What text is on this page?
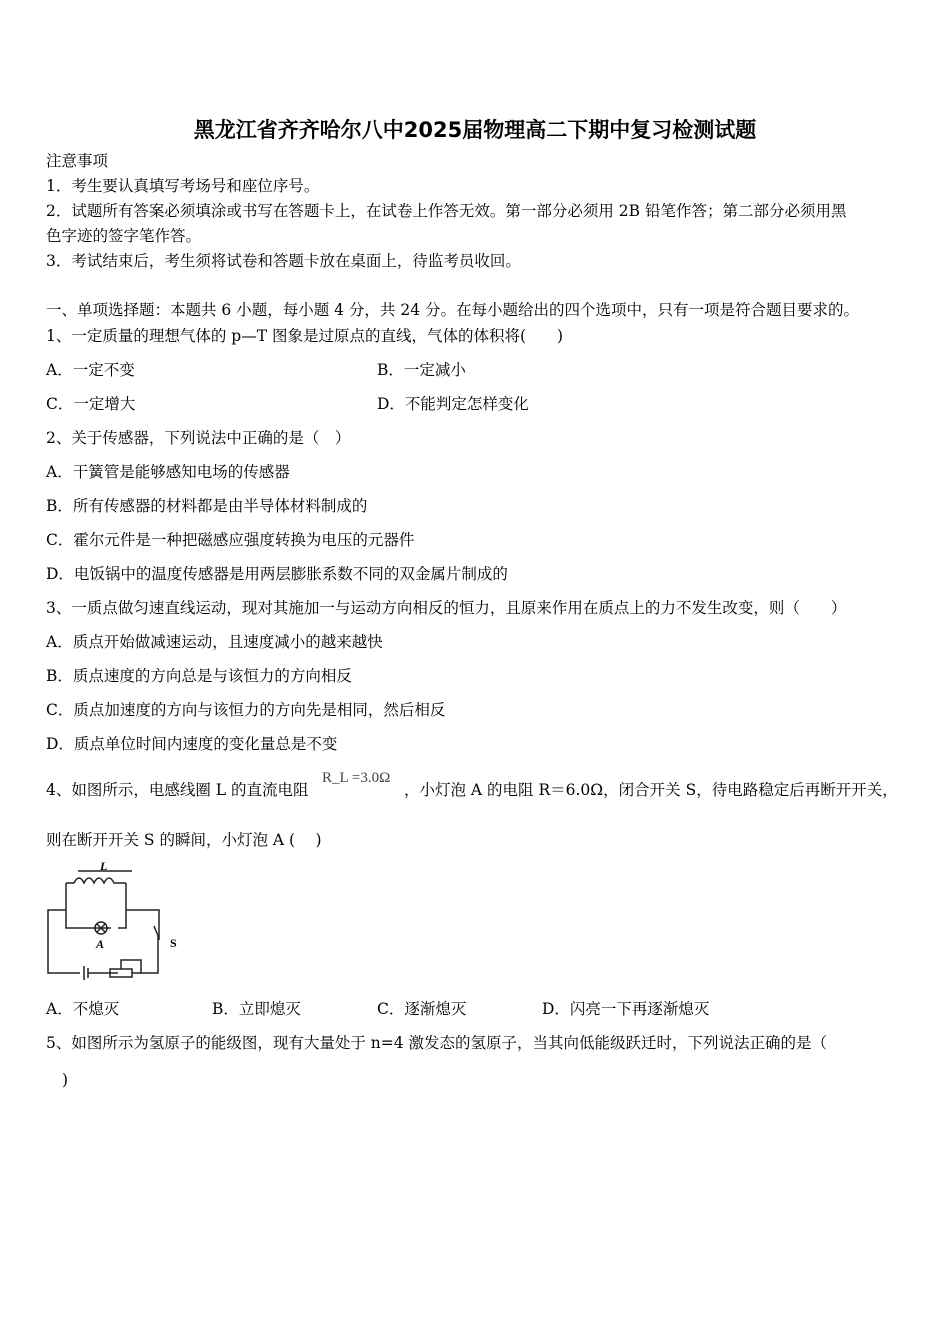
黑龙江省齐齐哈尔八中2025届物理高二下期中复习检测试题
注意事项
1．考生要认真填写考场号和座位序号。
2．试题所有答案必须填涂或书写在答题卡上，在试卷上作答无效。第一部分必须用 2B 铅笔作答；第二部分必须用黑
色字迹的签字笔作答。
3．考试结束后，考生须将试卷和答题卡放在桌面上，待监考员收回。
一、单项选择题：本题共 6 小题，每小题 4 分，共 24 分。在每小题给出的四个选项中，只有一项是符合题目要求的。
1、一定质量的理想气体的 p—T 图象是过原点的直线，气体的体积将(　　)
A．一定不变	B．一定减小
C．一定增大	D．不能判定怎样变化
2、关于传感器，下列说法中正确的是（　）
A．干簧管是能够感知电场的传感器
B．所有传感器的材料都是由半导体材料制成的
C．霍尔元件是一种把磁感应强度转换为电压的元器件
D．电饭锅中的温度传感器是用两层膨胀系数不同的双金属片制成的
3、一质点做匀速直线运动，现对其施加一与运动方向相反的恒力，且原来作用在质点上的力不发生改变，则（　　）
A．质点开始做减速运动，且速度减小的越来越快
B．质点速度的方向总是与该恒力的方向相反
C．质点加速度的方向与该恒力的方向先是相同，然后相反
D．质点单位时间内速度的变化量总是不变
4、如图所示，电感线圈 L 的直流电阻
R_L =3.0Ω
，小灯泡 A 的电阻 R＝6.0Ω，闭合开关 S，待电路稳定后再断开开关，
则在断开开关 S 的瞬间，小灯泡 A (　 )
L
A	S
A．不熄灭	B．立即熄灭	C．逐渐熄灭	D．闪亮一下再逐渐熄灭
5、如图所示为氢原子的能级图，现有大量处于 n=4 激发态的氢原子，当其向低能级跃迁时，下列说法正确的是（
)
